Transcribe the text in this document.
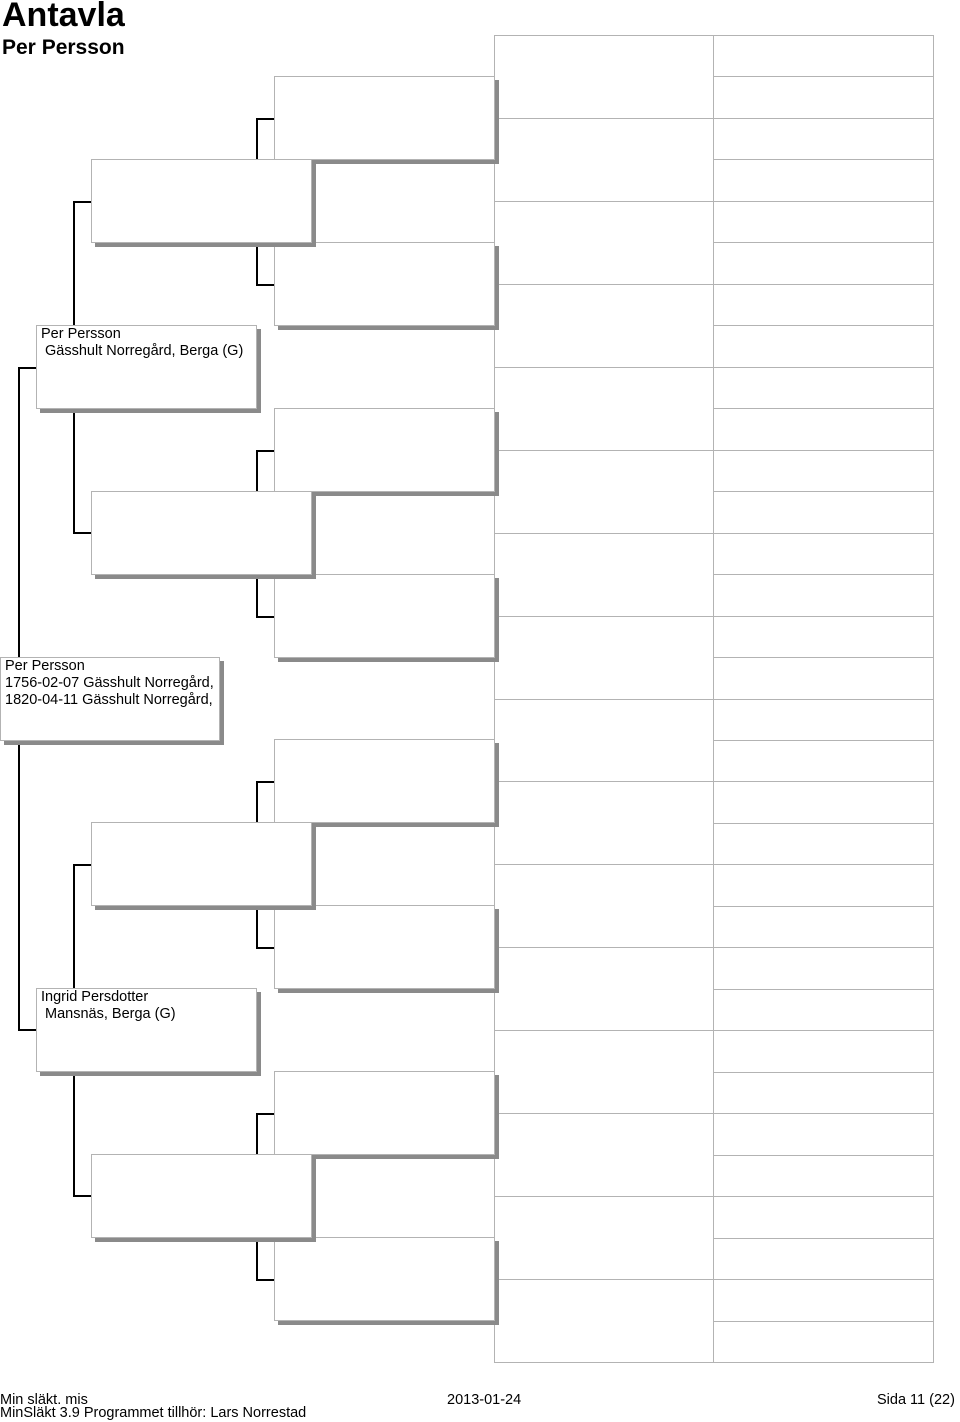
Antavla
Per Persson
Per Persson
Gässhult Norregård, Berga (G)
Ingrid Persdotter
Mansnäs, Berga (G)
Per Persson
1756-02-07 Gässhult Norregård,
1820-04-11 Gässhult Norregård,
Min släkt. mis
MinSläkt 3.9 Programmet tillhör: Lars Norrestad
2013-01-24	Sida 11 (22)
